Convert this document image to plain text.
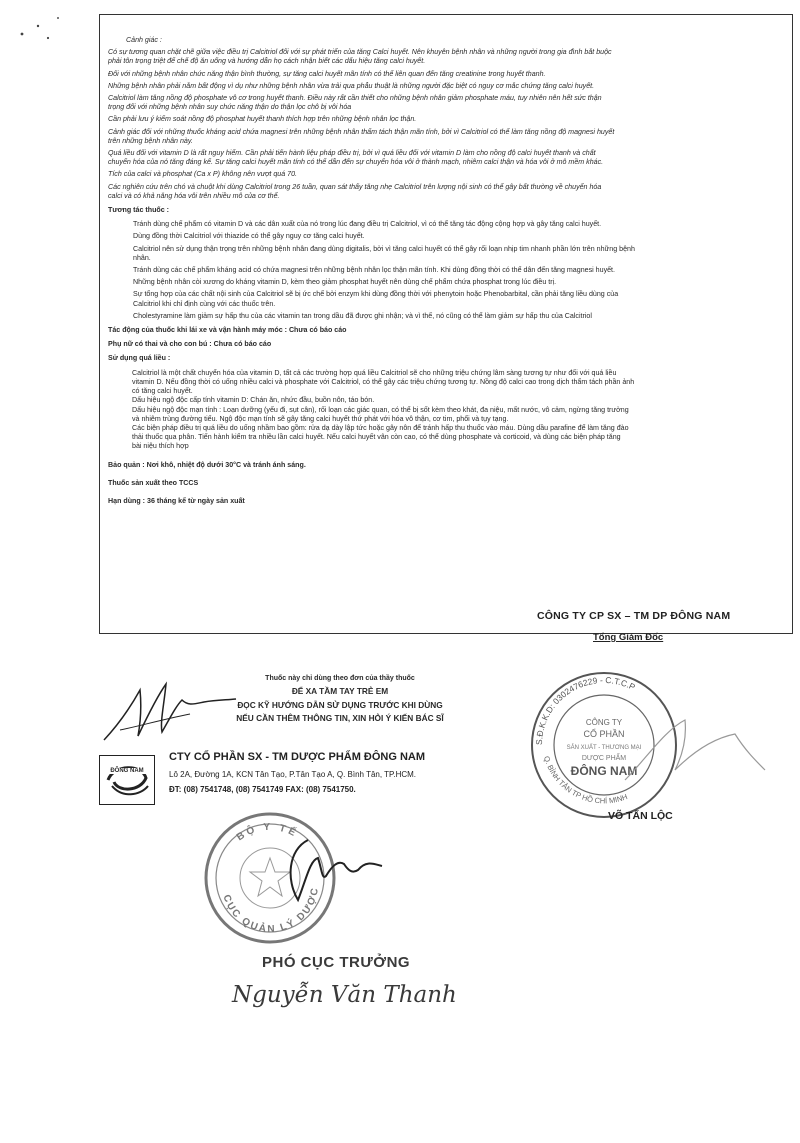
Cảnh giác :
Có sự tương quan chặt chẽ giữa việc điều trị Calcitriol đối với sự phát triển của tăng Calci huyết. Nên khuyên bệnh nhân và những người trong gia đình bắt buộc
phải tôn trọng triệt để chế độ ăn uống và hướng dẫn họ cách nhận biết các dấu hiệu tăng calci huyết.
Đối với những bệnh nhân chức năng thận bình thường, sự tăng calci huyết mãn tính có thể liên quan đến tăng creatinine trong huyết thanh.
Những bệnh nhân phải nằm bất động vì dụ như những bệnh nhân vừa trải qua phẫu thuật là những người đặc biệt có nguy cơ mắc chứng tăng calci huyết.
Calcitriol làm tăng nồng độ phosphate vô cơ trong huyết thanh. Điều này rất cần thiết cho những bệnh nhân giảm phosphate máu, tuy nhiên nên hết sức thận
trọng đối với những bệnh nhân suy chức năng thận do thận lọc chỗ bị vôi hóa
Cần phải lưu ý kiểm soát nồng độ phosphat huyết thanh thích hợp trên những bệnh nhân lọc thận.
Cảnh giác đối với những thuốc kháng acid chứa magnesi trên những bệnh nhân thẩm tách thận mãn tính, bởi vì Calcitriol có thể làm tăng nồng độ magnesi huyết
trên những bệnh nhân này.
Quá liều đối với vitamin D là rất nguy hiểm. Cần phải tiến hành liệu pháp điều trị, bởi vì quá liều đối với vitamin D làm cho nồng độ calci huyết thanh và chất
chuyển hóa của nó tăng đáng kể. Sự tăng calci huyết mãn tính có thể dẫn đến sự chuyển hóa vôi ở thành mạch, nhiễm calci thận và hóa vôi ở mô mềm khác.
Tích của calci và phosphat (Ca x P) không nên vượt quá 70.
Các nghiên cứu trên chó và chuột khi dùng Calcitriol trong 26 tuần, quan sát thấy tăng nhẹ Calcitriol trên lượng nội sinh có thể gây bất thường về chuyển hóa
calci và có khả năng hóa vôi trên nhiều mô của cơ thể.
Tương tác thuốc :
Tránh dùng chế phẩm có vitamin D và các dẫn xuất của nó trong lúc đang điều trị Calcitriol, vì có thể tăng tác động cộng hợp và gây tăng calci huyết.
Dùng đồng thời Calcitriol với thiazide có thể gây nguy cơ tăng calci huyết.
Calcitriol nên sử dụng thận trọng trên những bệnh nhân đang dùng digitalis, bởi vì tăng calci huyết có thể gây rối loạn nhịp tim nhanh phần lớn trên những bệnh
nhân.
Tránh dùng các chế phẩm kháng acid có chứa magnesi trên những bệnh nhân lọc thận mãn tính. Khi dùng đồng thời có thể dẫn đến tăng magnesi huyết.
Những bệnh nhân còi xương do kháng vitamin D, kèm theo giảm phosphat huyết nên dùng chế phẩm chứa phosphat trong lúc điều trị.
Sự tổng hợp của các chất nội sinh của Calcitriol sẽ bị ức chế bởi enzym khi dùng đồng thời với phenytoin hoặc Phenobarbital, cần phải tăng liều dùng của
Calcitriol khi chỉ định cùng với các thuốc trên.
Cholestyramine làm giảm sự hấp thu của các vitamin tan trong dầu đã được ghi nhận; và vì thế, nó cũng có thể làm giảm sự hấp thu của Calcitriol
Tác động của thuốc khi lái xe và vận hành máy móc : Chưa có báo cáo
Phụ nữ có thai và cho con bú : Chưa có báo cáo
Sử dụng quá liều :
Calcitriol là một chất chuyển hóa của vitamin D, tất cả các trường hợp quá liều Calcitriol sẽ cho những triệu chứng lâm sàng tương tự như đối với quá liều
vitamin D. Nếu đồng thời có uống nhiều calci và phosphate với Calcitriol, có thể gây các triệu chứng tương tự. Nồng độ calci cao trong dịch thẩm tách phần ảnh
có tăng calci huyết.
Dấu hiệu ngộ độc cấp tính vitamin D: Chán ăn, nhức đầu, buồn nôn, táo bón.
Dấu hiệu ngộ độc mạn tính : Loạn dưỡng (yếu đi, sụt cân), rối loạn các giác quan, có thể bị sốt kèm theo khát, đa niệu, mất nước, vô cảm, ngừng tăng trưởng
và nhiễm trùng đường tiểu. Ngộ độc mạn tính sẽ gây tăng calci huyết thứ phát với hóa vô thận, cơ tim, phổi và tụy tạng.
Các biện pháp điều trị quá liều do uống nhầm bao gồm: rửa dạ dày lập tức hoặc gây nôn để tránh hấp thu thuốc vào máu. Dùng dầu parafine để làm tăng đào
thải thuốc qua phân. Tiến hành kiểm tra nhiều lần calci huyết. Nếu calci huyết vẫn còn cao, có thể dùng phosphate và corticoid, và dùng các biện pháp tăng
bài niệu thích hợp
Bảo quản : Nơi khô, nhiệt độ dưới 30°C và tránh ánh sáng.
Thuốc sản xuất theo TCCS
Hạn dùng : 36 tháng kể từ ngày sản xuất
CÔNG TY CP SX – TM DP ĐÔNG NAM
Tổng Giám Đốc
Thuốc này chỉ dùng theo đơn của thầy thuốc
ĐỂ XA TẦM TAY TRẺ EM
ĐỌC KỸ HƯỚNG DẪN SỬ DỤNG TRƯỚC KHI DÙNG
NẾU CẦN THÊM THÔNG TIN, XIN HỎI Ý KIẾN BÁC SĨ
ĐÔNG NAM
CTY CỔ PHẦN SX - TM DƯỢC PHẨM ĐÔNG NAM
Lô 2A, Đường 1A, KCN Tân Tạo, P.Tân Tạo A, Q. Bình Tân, TP.HCM.
ĐT: (08) 7541748, (08) 7541749 FAX: (08) 7541750.
S.Đ.K.K.D: 0302476229 - C.T.C.P
Q. BÌNH TÂN TP HỒ CHÍ MINH
CÔNG TY
CỔ PHẦN
SẢN XUẤT - THƯƠNG MẠI
DƯỢC PHẨM
ĐÔNG NAM
VÕ TẤN LỘC
BỘ Y TẾ
CỤC QUẢN LÝ DƯỢC
PHÓ CỤC TRƯỞNG
Nguyễn Văn Thanh
